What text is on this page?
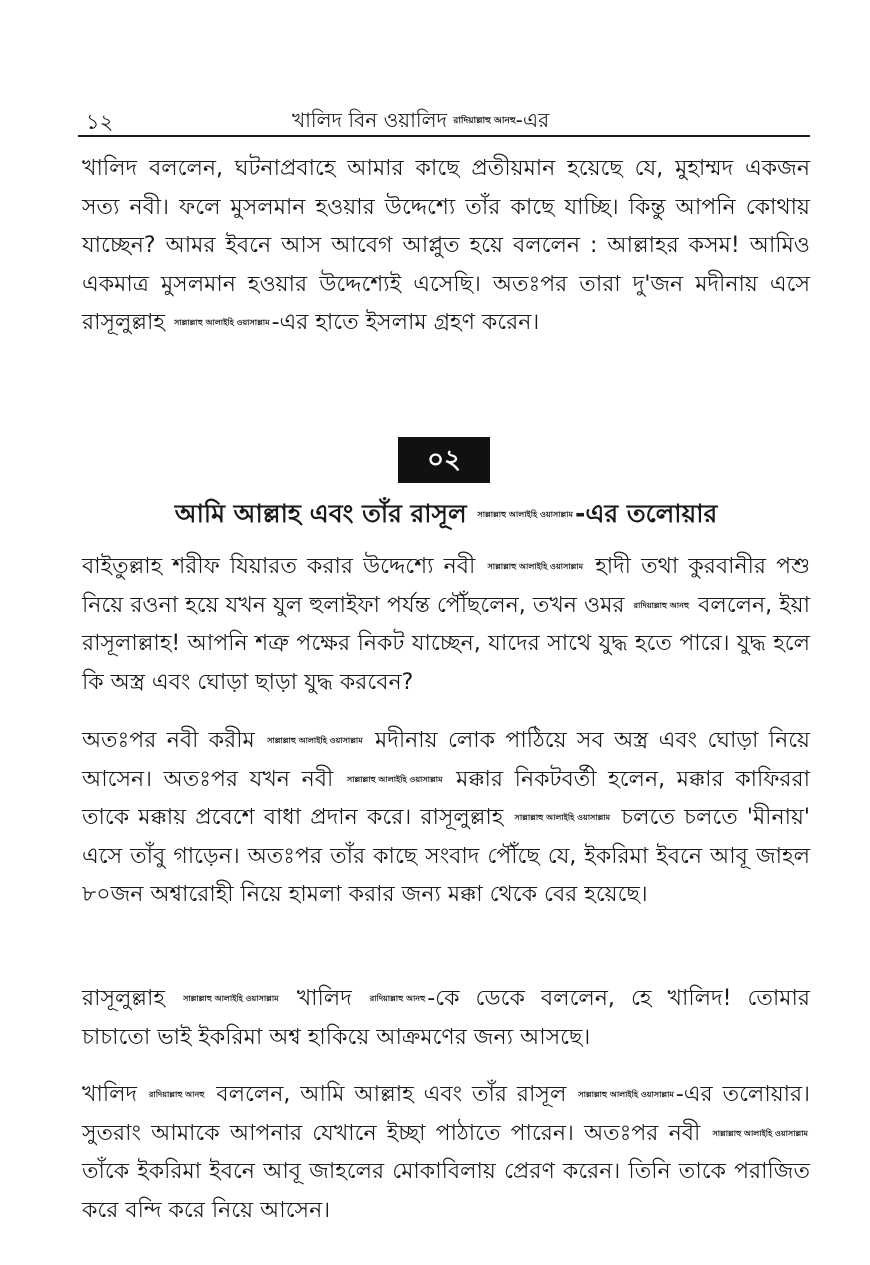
১২	খালিদ বিন ওয়ালিদ রাদিয়াল্লাহু আনহু-এর

খালিদ বললেন, ঘটনাপ্রবাহে আমার কাছে প্রতীয়মান হয়েছে যে, মুহাম্মদ একজন সত্য নবী। ফলে মুসলমান হওয়ার উদ্দেশ্যে তাঁর কাছে যাচ্ছি। কিন্তু আপনি কোথায় যাচ্ছেন? আমর ইবনে আস আবেগ আপ্লুত হয়ে বললেন : আল্লাহর কসম! আমিও একমাত্র মুসলমান হওয়ার উদ্দেশ্যেই এসেছি। অতঃপর তারা দু'জন মদীনায় এসে রাসূলুল্লাহ সাল্লাল্লাহু আলাইহি ওয়াসাল্লাম-এর হাতে ইসলাম গ্রহণ করেন।

০২
আমি আল্লাহ এবং তাঁর রাসূল সাল্লাল্লাহু আলাইহি ওয়াসাল্লাম-এর তলোয়ার

বাইতুল্লাহ শরীফ যিয়ারত করার উদ্দেশ্যে নবী সাল্লাল্লাহু আলাইহি ওয়াসাল্লাম হাদী তথা কুরবানীর পশু নিয়ে রওনা হয়ে যখন যুল হুলাইফা পর্যন্ত পৌঁছলেন, তখন ওমর রাদিয়াল্লাহু আনহু বললেন, ইয়া রাসূলাল্লাহ! আপনি শত্রু পক্ষের নিকট যাচ্ছেন, যাদের সাথে যুদ্ধ হতে পারে। যুদ্ধ হলে কি অস্ত্র এবং ঘোড়া ছাড়া যুদ্ধ করবেন?

অতঃপর নবী করীম সাল্লাল্লাহু আলাইহি ওয়াসাল্লাম মদীনায় লোক পাঠিয়ে সব অস্ত্র এবং ঘোড়া নিয়ে আসেন। অতঃপর যখন নবী সাল্লাল্লাহু আলাইহি ওয়াসাল্লাম মক্কার নিকটবর্তী হলেন, মক্কার কাফিররা তাকে মক্কায় প্রবেশে বাধা প্রদান করে। রাসূলুল্লাহ সাল্লাল্লাহু আলাইহি ওয়াসাল্লাম চলতে চলতে 'মীনায়' এসে তাঁবু গাড়েন। অতঃপর তাঁর কাছে সংবাদ পৌঁছে যে, ইকরিমা ইবনে আবূ জাহল ৮০জন অশ্বারোহী নিয়ে হামলা করার জন্য মক্কা থেকে বের হয়েছে।

রাসূলুল্লাহ সাল্লাল্লাহু আলাইহি ওয়াসাল্লাম খালিদ রাদিয়াল্লাহু আনহু-কে ডেকে বললেন, হে খালিদ! তোমার চাচাতো ভাই ইকরিমা অশ্ব হাকিয়ে আক্রমণের জন্য আসছে।

খালিদ রাদিয়াল্লাহু আনহু বললেন, আমি আল্লাহ এবং তাঁর রাসূল সাল্লাল্লাহু আলাইহি ওয়াসাল্লাম-এর তলোয়ার। সুতরাং আমাকে আপনার যেখানে ইচ্ছা পাঠাতে পারেন। অতঃপর নবী সাল্লাল্লাহু আলাইহি ওয়াসাল্লাম তাঁকে ইকরিমা ইবনে আবূ জাহলের মোকাবিলায় প্রেরণ করেন। তিনি তাকে পরাজিত করে বন্দি করে নিয়ে আসেন।
